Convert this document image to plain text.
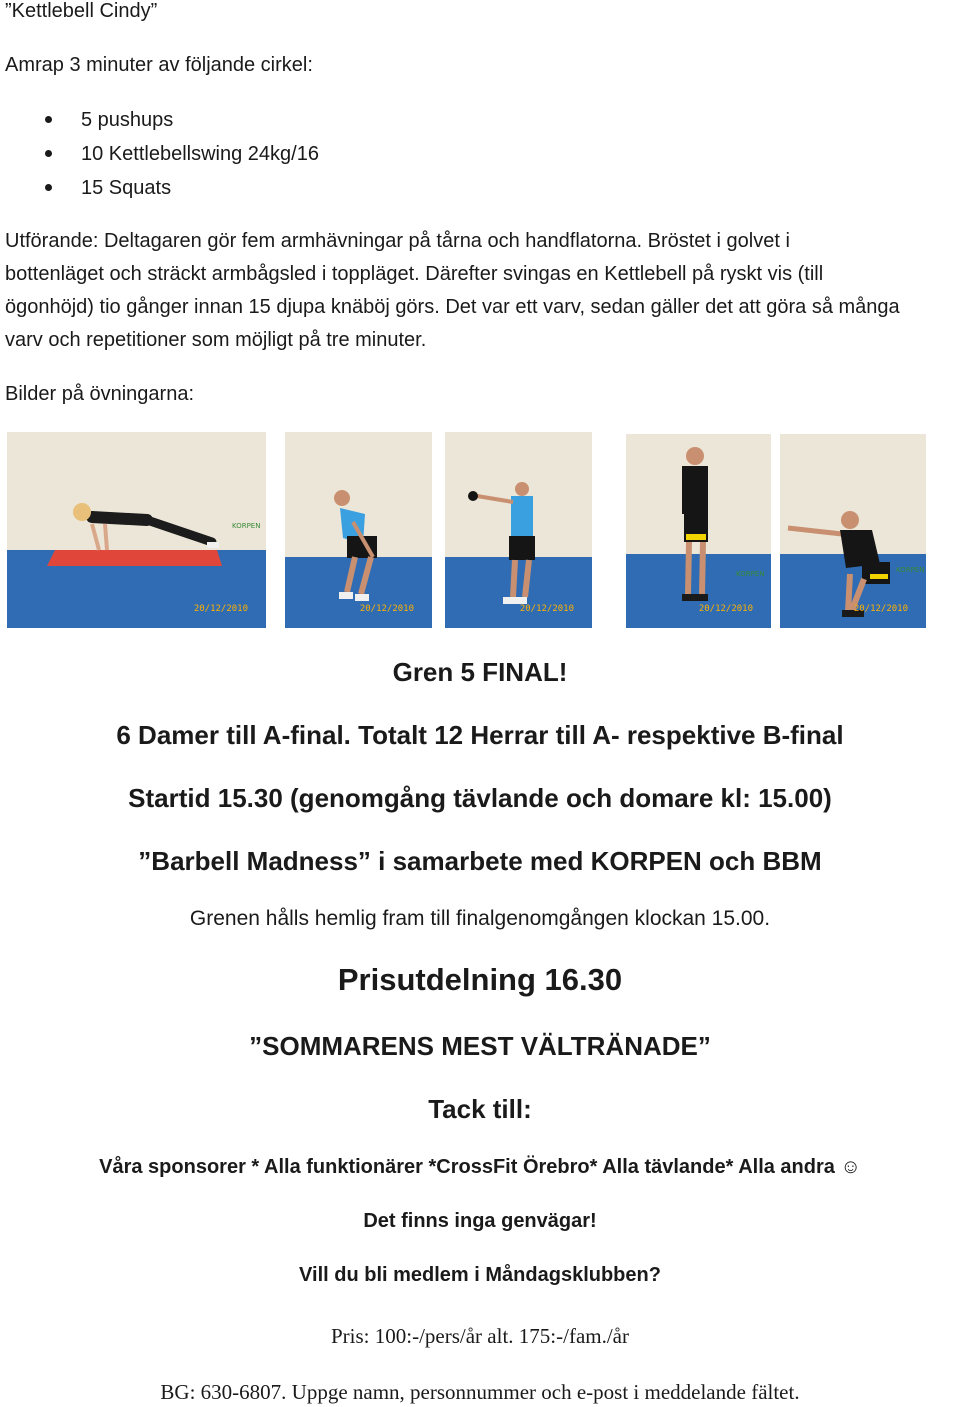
”Kettlebell Cindy”
Amrap 3 minuter av följande cirkel:
5 pushups
10 Kettlebellswing 24kg/16
15 Squats
Utförande: Deltagaren gör fem armhävningar på tårna och handflatorna. Bröstet i golvet i
bottenläget och sträckt armbågsled i toppläget. Därefter svingas en Kettlebell på ryskt vis (till
ögonhöjd) tio gånger innan 15 djupa knäböj görs. Det var ett varv, sedan gäller det att göra så många
varv och repetitioner som möjligt på tre minuter.
Bilder på övningarna:
KORPEN
20/12/2010	20/12/2010	20/12/2010
KORPEN
20/12/2010
KORPEN
20/12/2010
Gren 5 FINAL!
6 Damer till A-final. Totalt 12 Herrar till A- respektive B-final
Startid 15.30 (genomgång tävlande och domare kl: 15.00)
”Barbell Madness” i samarbete med KORPEN och BBM
Grenen hålls hemlig fram till finalgenomgången klockan 15.00.
Prisutdelning 16.30
”SOMMARENS MEST VÄLTRÄNADE”
Tack till:
Våra sponsorer * Alla funktionärer *CrossFit Örebro* Alla tävlande* Alla andra ☺
Det finns inga genvägar!
Vill du bli medlem i Måndagsklubben?
Pris: 100:-/pers/år alt. 175:-/fam./år
BG: 630-6807. Uppge namn, personnummer och e-post i meddelande fältet.
